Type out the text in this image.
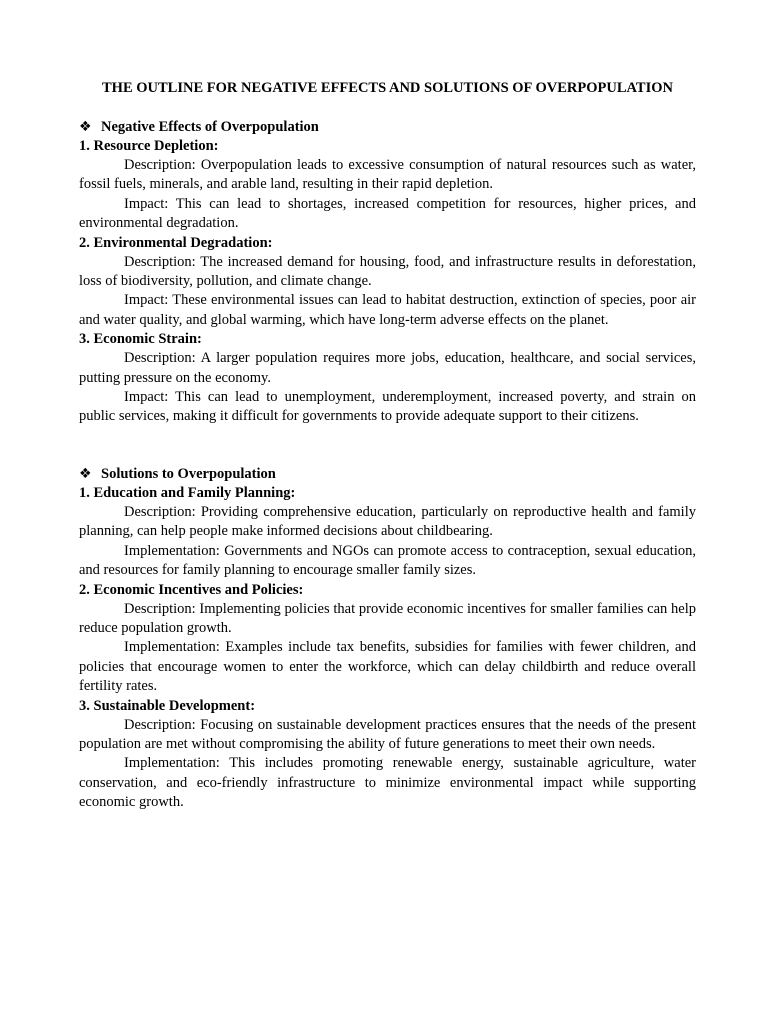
THE OUTLINE FOR NEGATIVE EFFECTS AND SOLUTIONS OF OVERPOPULATION
❖ Negative Effects of Overpopulation
1. Resource Depletion:

Description: Overpopulation leads to excessive consumption of natural resources such as water, fossil fuels, minerals, and arable land, resulting in their rapid depletion.

Impact: This can lead to shortages, increased competition for resources, higher prices, and environmental degradation.

2. Environmental Degradation:

Description: The increased demand for housing, food, and infrastructure results in deforestation, loss of biodiversity, pollution, and climate change.

Impact: These environmental issues can lead to habitat destruction, extinction of species, poor air and water quality, and global warming, which have long-term adverse effects on the planet.

3. Economic Strain:

Description: A larger population requires more jobs, education, healthcare, and social services, putting pressure on the economy.

Impact: This can lead to unemployment, underemployment, increased poverty, and strain on public services, making it difficult for governments to provide adequate support to their citizens.

❖ Solutions to Overpopulation
1. Education and Family Planning:

Description: Providing comprehensive education, particularly on reproductive health and family planning, can help people make informed decisions about childbearing.

Implementation: Governments and NGOs can promote access to contraception, sexual education, and resources for family planning to encourage smaller family sizes.

2. Economic Incentives and Policies:

Description: Implementing policies that provide economic incentives for smaller families can help reduce population growth.

Implementation: Examples include tax benefits, subsidies for families with fewer children, and policies that encourage women to enter the workforce, which can delay childbirth and reduce overall fertility rates.

3. Sustainable Development:

Description: Focusing on sustainable development practices ensures that the needs of the present population are met without compromising the ability of future generations to meet their own needs.

Implementation: This includes promoting renewable energy, sustainable agriculture, water conservation, and eco-friendly infrastructure to minimize environmental impact while supporting economic growth.
